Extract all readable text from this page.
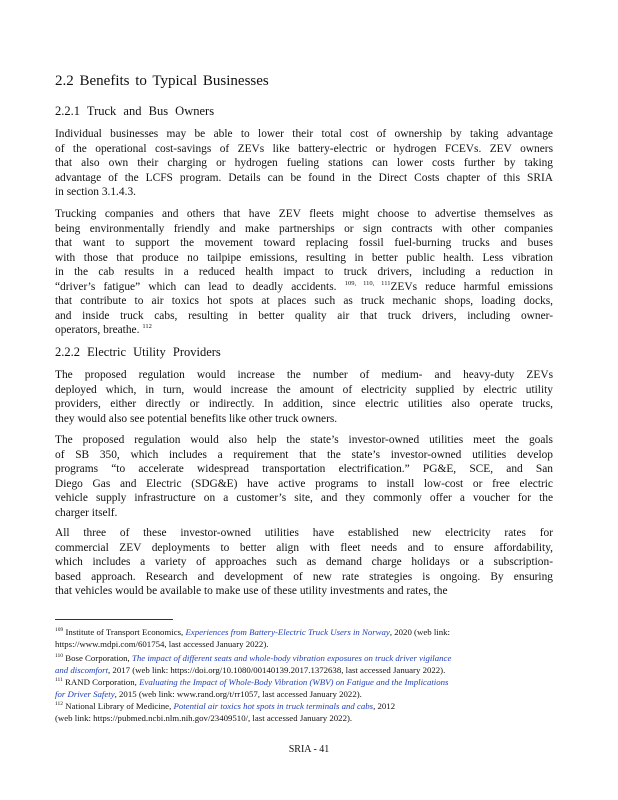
2.2 Benefits to Typical Businesses
2.2.1 Truck and Bus Owners
Individual businesses may be able to lower their total cost of ownership by taking advantage
of the operational cost-savings of ZEVs like battery-electric or hydrogen FCEVs. ZEV owners
that also own their charging or hydrogen fueling stations can lower costs further by taking
advantage of the LCFS program. Details can be found in the Direct Costs chapter of this SRIA
in section 3.1.4.3.
Trucking companies and others that have ZEV fleets might choose to advertise themselves as
being environmentally friendly and make partnerships or sign contracts with other companies
that want to support the movement toward replacing fossil fuel-burning trucks and buses
with those that produce no tailpipe emissions, resulting in better public health. Less vibration
in the cab results in a reduced health impact to truck drivers, including a reduction in
“driver’s fatigue” which can lead to deadly accidents. $^{109, 110, 111}$ZEVs reduce harmful emissions
that contribute to air toxics hot spots at places such as truck mechanic shops, loading docks,
and inside truck cabs, resulting in better quality air that truck drivers, including owner-
operators, breathe. $^{112}$
2.2.2 Electric Utility Providers
The proposed regulation would increase the number of medium- and heavy-duty ZEVs
deployed which, in turn, would increase the amount of electricity supplied by electric utility
providers, either directly or indirectly. In addition, since electric utilities also operate trucks,
they would also see potential benefits like other truck owners.
The proposed regulation would also help the state’s investor-owned utilities meet the goals
of SB 350, which includes a requirement that the state’s investor-owned utilities develop
programs “to accelerate widespread transportation electrification.” PG&E, SCE, and San
Diego Gas and Electric (SDG&E) have active programs to install low-cost or free electric
vehicle supply infrastructure on a customer’s site, and they commonly offer a voucher for the
charger itself.
All three of these investor-owned utilities have established new electricity rates for
commercial ZEV deployments to better align with fleet needs and to ensure affordability,
which includes a variety of approaches such as demand charge holidays or a subscription-
based approach. Research and development of new rate strategies is ongoing. By ensuring
that vehicles would be available to make use of these utility investments and rates, the
$^{109}$ Institute of Transport Economics, Experiences from Battery-Electric Truck Users in Norway, 2020 (web link:
https://www.mdpi.com/601754, last accessed January 2022).
$^{110}$ Bose Corporation, The impact of different seats and whole-body vibration exposures on truck driver vigilance
and discomfort, 2017 (web link: https://doi.org/10.1080/00140139.2017.1372638, last accessed January 2022).
$^{111}$ RAND Corporation, Evaluating the Impact of Whole-Body Vibration (WBV) on Fatigue and the Implications
for Driver Safety, 2015 (web link: www.rand.org/t/rr1057, last accessed January 2022).
$^{112}$ National Library of Medicine, Potential air toxics hot spots in truck terminals and cabs, 2012
(web link: https://pubmed.ncbi.nlm.nih.gov/23409510/, last accessed January 2022).
SRIA - 41
